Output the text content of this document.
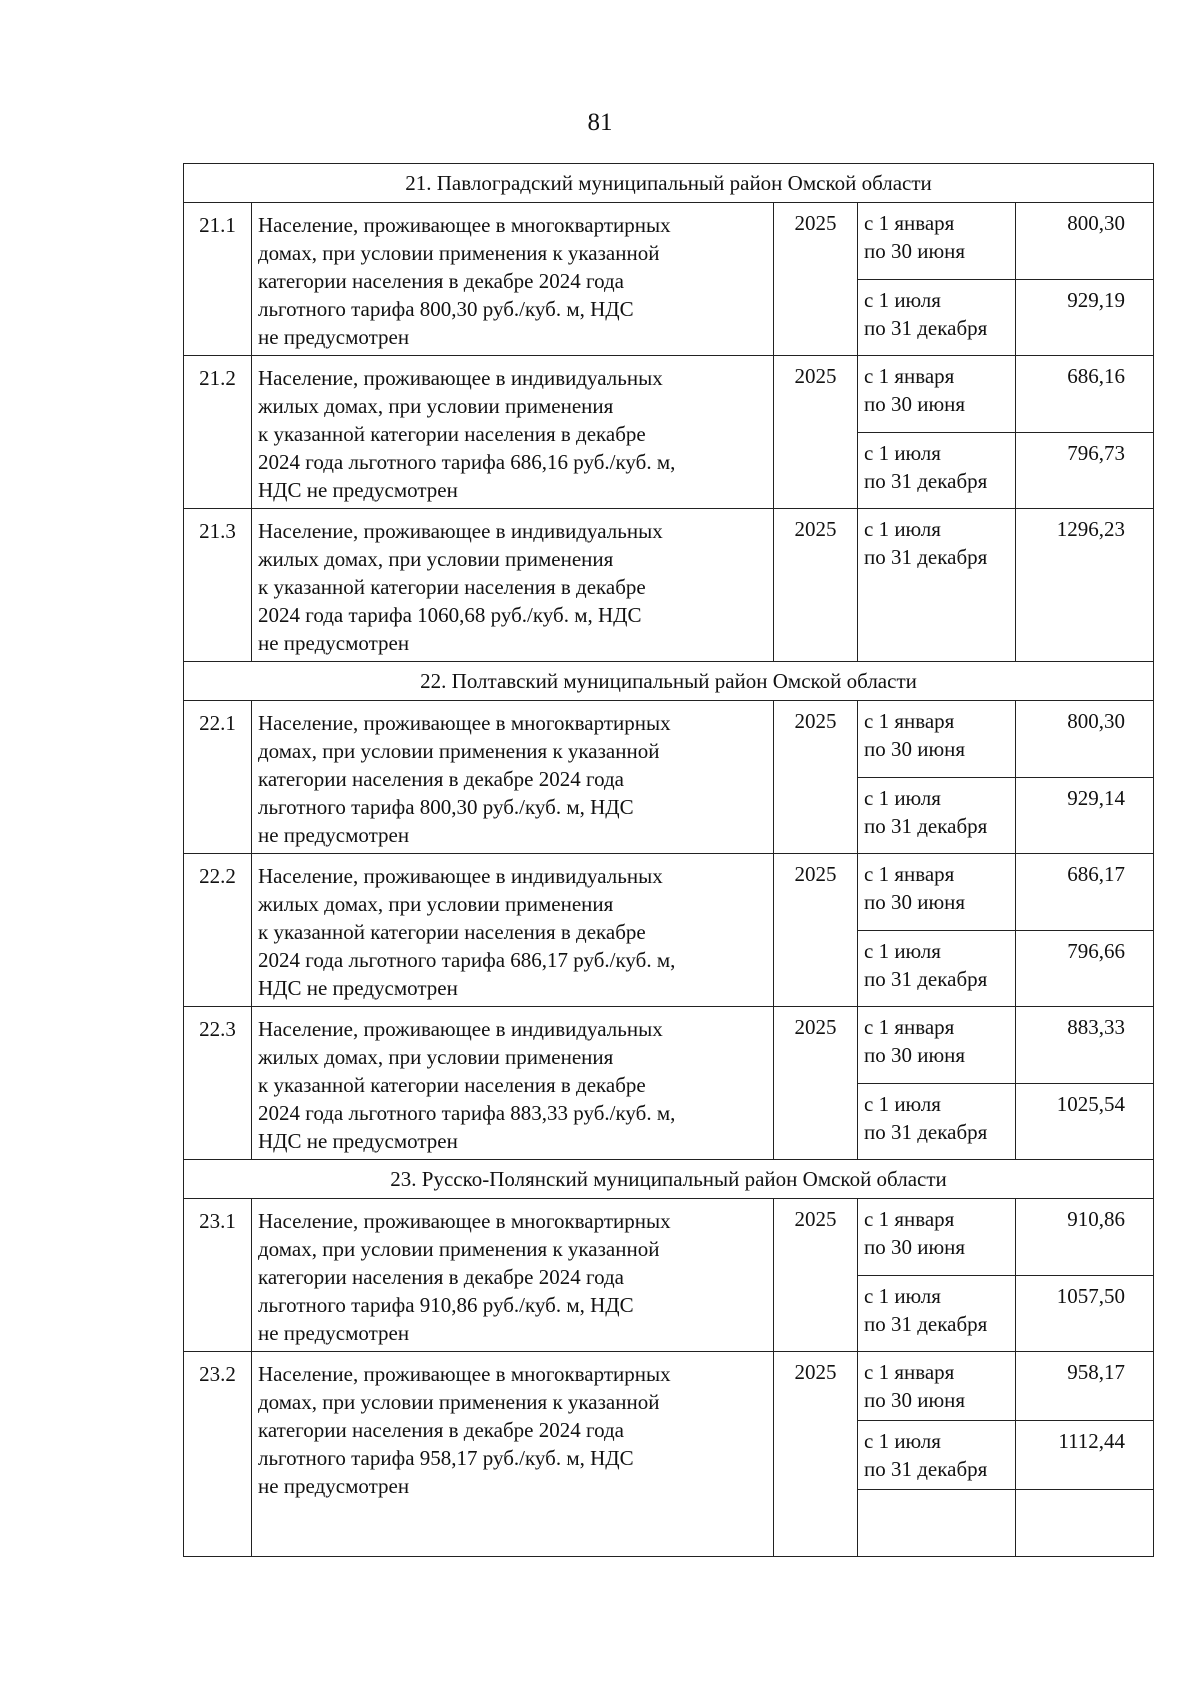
81
21. Павлоградский муниципальный район Омской области				
21.1	Население, проживающее в многоквартирных
домах, при условии применения к указанной
категории населения в декабре 2024 года
льготного тарифа 800,30 руб./куб. м, НДС
не предусмотрен	2025	с 1 января
по 30 июня	800,30

			с 1 июля
по 31 декабря	929,19
21.2	Население, проживающее в индивидуальных
жилых домах, при условии применения
к указанной категории населения в декабре
2024 года льготного тарифа 686,16 руб./куб. м,
НДС не предусмотрен	2025	с 1 января
по 30 июня	686,16

			с 1 июля
по 31 декабря	796,73
21.3	Население, проживающее в индивидуальных
жилых домах, при условии применения
к указанной категории населения в декабре
2024 года тарифа 1060,68 руб./куб. м, НДС
не предусмотрен	2025	с 1 июля
по 31 декабря	1296,23
22. Полтавский муниципальный район Омской области				
22.1	Население, проживающее в многоквартирных
домах, при условии применения к указанной
категории населения в декабре 2024 года
льготного тарифа 800,30 руб./куб. м, НДС
не предусмотрен	2025	с 1 января
по 30 июня	800,30

			с 1 июля
по 31 декабря	929,14
22.2	Население, проживающее в индивидуальных
жилых домах, при условии применения
к указанной категории населения в декабре
2024 года льготного тарифа 686,17 руб./куб. м,
НДС не предусмотрен	2025	с 1 января
по 30 июня	686,17

			с 1 июля
по 31 декабря	796,66
22.3	Население, проживающее в индивидуальных
жилых домах, при условии применения
к указанной категории населения в декабре
2024 года льготного тарифа 883,33 руб./куб. м,
НДС не предусмотрен	2025	с 1 января
по 30 июня	883,33

			с 1 июля
по 31 декабря	1025,54
23. Русско-Полянский муниципальный район Омской области				
23.1	Население, проживающее в многоквартирных
домах, при условии применения к указанной
категории населения в декабре 2024 года
льготного тарифа 910,86 руб./куб. м, НДС
не предусмотрен	2025	с 1 января
по 30 июня	910,86

			с 1 июля
по 31 декабря	1057,50
23.2	Население, проживающее в многоквартирных
домах, при условии применения к указанной
категории населения в декабре 2024 года
льготного тарифа 958,17 руб./куб. м, НДС
не предусмотрен	2025	с 1 января
по 30 июня	958,17

			с 1 июля
по 31 декабря	1112,44
